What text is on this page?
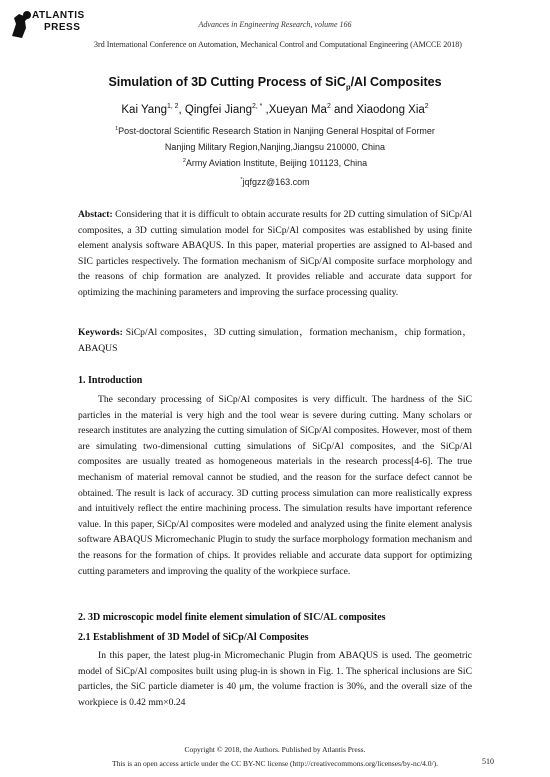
ATLANTIS
PRESS	Advances in Engineering Research, volume 166
3rd International Conference on Automation, Mechanical Control and Computational Engineering (AMCCE 2018)
Simulation of 3D Cutting Process of SiC$_p$/Al Composites
Kai Yang$^{1, 2}$, Qingfei Jiang$^{2, *}$ ,Xueyan Ma$^2$ and Xiaodong Xia$^2$
$^1$Post-doctoral Scientific Research Station in Nanjing General Hospital of Former
Nanjing Military Region,Nanjing,Jiangsu 210000, China
$^2$Army Aviation Institute, Beijing 101123, China
*jqfgzz@163.com

Abstact: Considering that it is difficult to obtain accurate results for 2D cutting simulation of SiCp/Al composites, a 3D cutting simulation model for SiCp/Al composites was established by using finite element analysis software ABAQUS. In this paper, material properties are assigned to Al-based and SIC particles respectively. The formation mechanism of SiCp/Al composite surface morphology and the reasons of chip formation are analyzed. It provides reliable and accurate data support for optimizing the machining parameters and improving the surface processing quality.

Keywords: SiCp/Al composites，3D cutting simulation，formation mechanism，chip formation，ABAQUS

1. Introduction

The secondary processing of SiCp/Al composites is very difficult. The hardness of the SiC particles in the material is very high and the tool wear is severe during cutting. Many scholars or research institutes are analyzing the cutting simulation of SiCp/Al composites. However, most of them are simulating two-dimensional cutting simulations of SiCp/Al composites, and the SiCp/Al composites are usually treated as homogeneous materials in the research process[4-6]. The true mechanism of material removal cannot be studied, and the reason for the surface defect cannot be obtained. The result is lack of accuracy. 3D cutting process simulation can more realistically express and intuitively reflect the entire machining process. The simulation results have important reference value. In this paper, SiCp/Al composites were modeled and analyzed using the finite element analysis software ABAQUS Micromechanic Plugin to study the surface morphology formation mechanism and the reasons for the formation of chips. It provides reliable and accurate data support for optimizing cutting parameters and improving the quality of the workpiece surface.

2. 3D microscopic model finite element simulation of SIC/AL composites

2.1 Establishment of 3D Model of SiCp/Al Composites

In this paper, the latest plug-in Micromechanic Plugin from ABAQUS is used. The geometric model of SiCp/Al composites built using plug-in is shown in Fig. 1. The spherical inclusions are SiC particles, the SiC particle diameter is 40 μm, the volume fraction is 30%, and the overall size of the workpiece is 0.42 mm×0.24

Copyright © 2018, the Authors. Published by Atlantis Press.
This is an open access article under the CC BY-NC license (http://creativecommons.org/licenses/by-nc/4.0/).	510
